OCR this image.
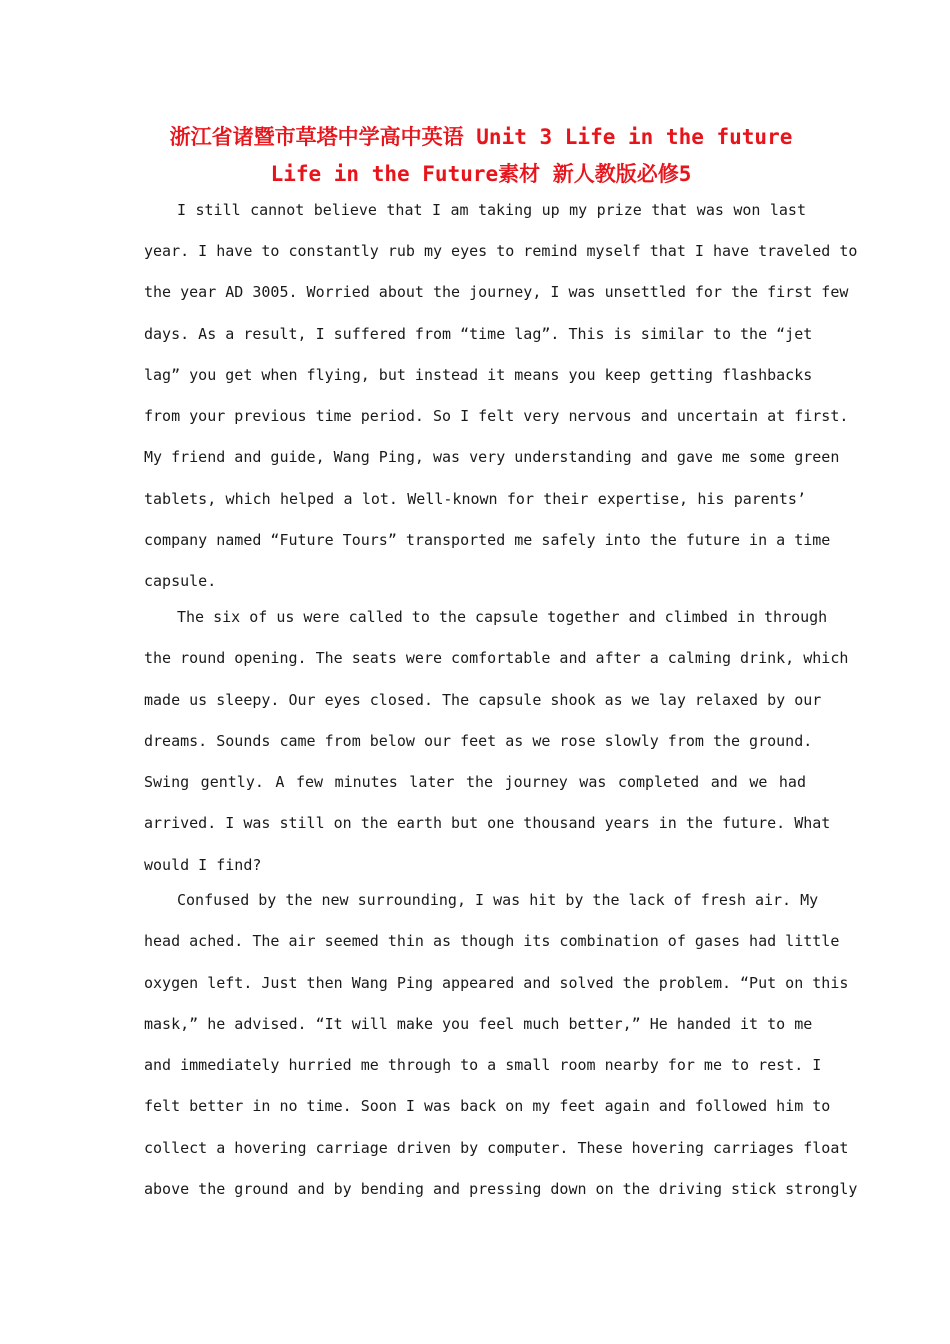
浙江省诸暨市草塔中学高中英语 Unit 3 Life in the future
Life in the Future素材 新人教版必修5
I still cannot believe that I am taking up my prize that was won last
year. I have to constantly rub my eyes to remind myself that I have traveled to
the year AD 3005. Worried about the journey, I was unsettled for the first few
days. As a result, I suffered from “time lag”. This is similar to the “jet
lag” you get when flying, but instead it means you keep getting flashbacks
from your previous time period. So I felt very nervous and uncertain at first.
My friend and guide, Wang Ping, was very understanding and gave me some green
tablets, which helped a lot. Well-known for their expertise, his parents’
company named “Future Tours” transported me safely into the future in a time
capsule.
The six of us were called to the capsule together and climbed in through
the round opening. The seats were comfortable and after a calming drink, which
made us sleepy. Our eyes closed. The capsule shook as we lay relaxed by our
dreams. Sounds came from below our feet as we rose slowly from the ground.
Swing gently. A few minutes later the journey was completed and we had
arrived. I was still on the earth but one thousand years in the future. What
would I find?
Confused by the new surrounding, I was hit by the lack of fresh air. My
head ached. The air seemed thin as though its combination of gases had little
oxygen left. Just then Wang Ping appeared and solved the problem. “Put on this
mask,” he advised. “It will make you feel much better,” He handed it to me
and immediately hurried me through to a small room nearby for me to rest. I
felt better in no time. Soon I was back on my feet again and followed him to
collect a hovering carriage driven by computer. These hovering carriages float
above the ground and by bending and pressing down on the driving stick strongly
